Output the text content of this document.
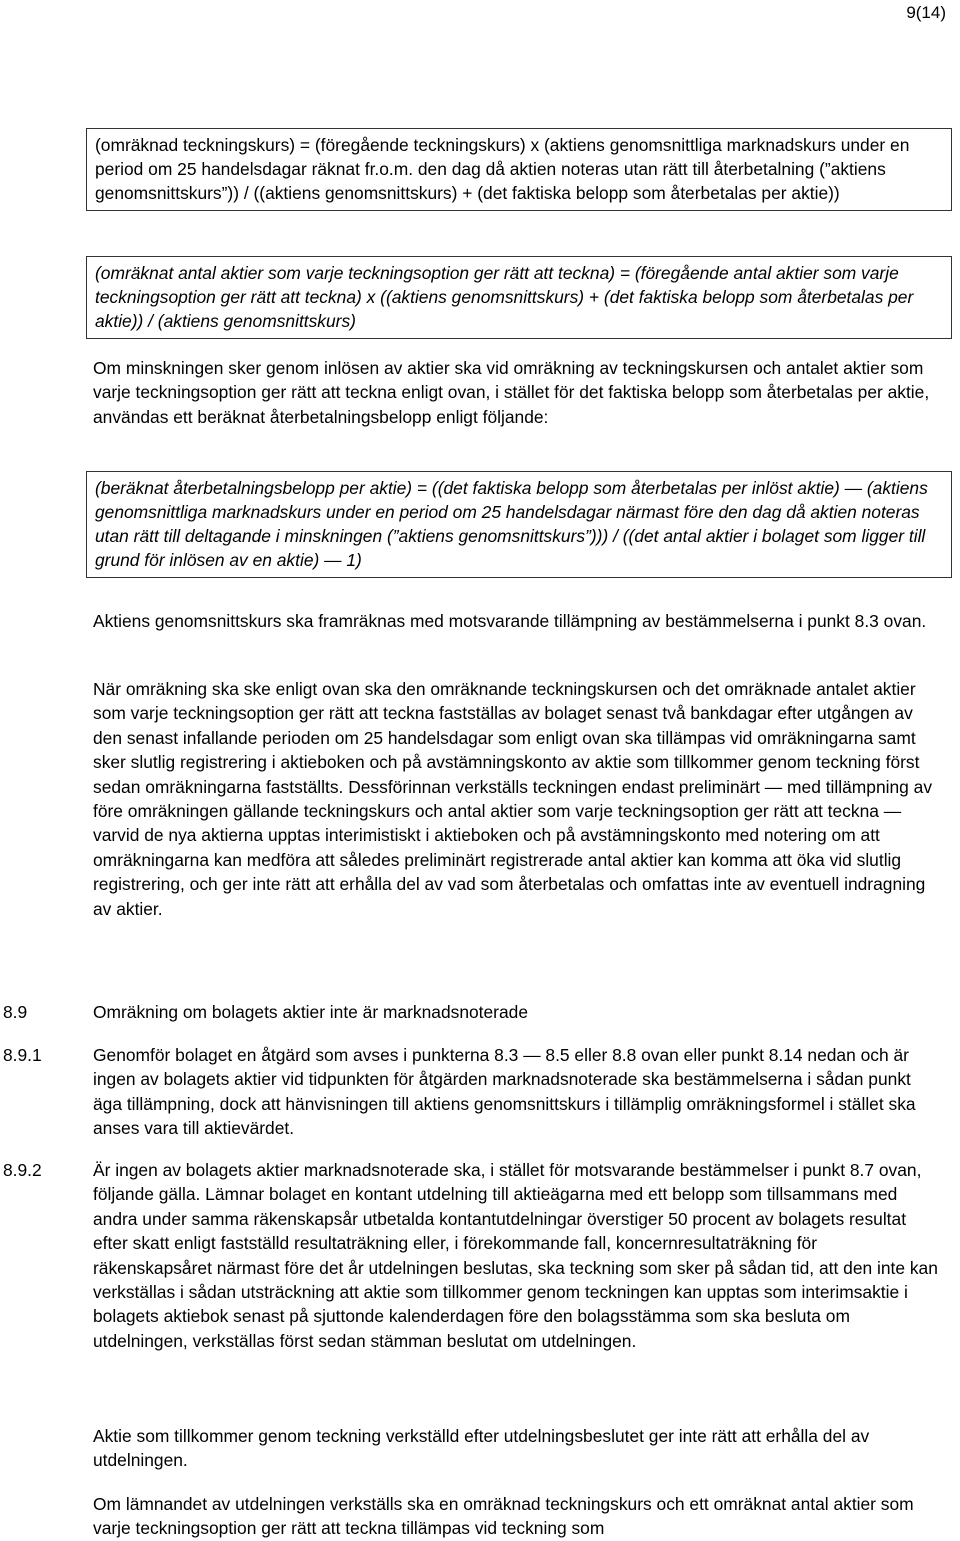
9(14)
(omräknad teckningskurs) = (föregående teckningskurs) x (aktiens genomsnittliga marknadskurs under en period om 25 handelsdagar räknat fr.o.m. den dag då aktien noteras utan rätt till återbetalning (”aktiens genomsnittskurs”)) / ((aktiens genomsnittskurs) + (det faktiska belopp som återbetalas per aktie))
(omräknat antal aktier som varje teckningsoption ger rätt att teckna) = (föregående antal aktier som varje teckningsoption ger rätt att teckna) x ((aktiens genomsnittskurs) + (det faktiska belopp som återbetalas per aktie)) / (aktiens genomsnittskurs)
Om minskningen sker genom inlösen av aktier ska vid omräkning av teckningskursen och antalet aktier som varje teckningsoption ger rätt att teckna enligt ovan, i stället för det faktiska belopp som återbetalas per aktie, användas ett beräknat återbetalningsbelopp enligt följande:
(beräknat återbetalningsbelopp per aktie) = ((det faktiska belopp som återbetalas per inlöst aktie) — (aktiens genomsnittliga marknadskurs under en period om 25 handelsdagar närmast före den dag då aktien noteras utan rätt till deltagande i minskningen (”aktiens genomsnittskurs”))) / ((det antal aktier i bolaget som ligger till grund för inlösen av en aktie) — 1)
Aktiens genomsnittskurs ska framräknas med motsvarande tillämpning av bestämmelserna i punkt 8.3 ovan.
När omräkning ska ske enligt ovan ska den omräknande teckningskursen och det omräknade antalet aktier som varje teckningsoption ger rätt att teckna fastställas av bolaget senast två bankdagar efter utgången av den senast infallande perioden om 25 handelsdagar som enligt ovan ska tillämpas vid omräkningarna samt sker slutlig registrering i aktieboken och på avstämningskonto av aktie som tillkommer genom teckning först sedan omräkningarna fastställts. Dessförinnan verkställs teckningen endast preliminärt — med tillämpning av före omräkningen gällande teckningskurs och antal aktier som varje teckningsoption ger rätt att teckna — varvid de nya aktierna upptas interimistiskt i aktieboken och på avstämningskonto med notering om att omräkningarna kan medföra att således preliminärt registrerade antal aktier kan komma att öka vid slutlig registrering, och ger inte rätt att erhålla del av vad som återbetalas och omfattas inte av eventuell indragning av aktier.
8.9	Omräkning om bolagets aktier inte är marknadsnoterade
8.9.1	Genomför bolaget en åtgärd som avses i punkterna 8.3 — 8.5 eller 8.8 ovan eller punkt 8.14 nedan och är ingen av bolagets aktier vid tidpunkten för åtgärden marknadsnoterade ska bestämmelserna i sådan punkt äga tillämpning, dock att hänvisningen till aktiens genomsnittskurs i tillämplig omräkningsformel i stället ska anses vara till aktievärdet.
8.9.2	Är ingen av bolagets aktier marknadsnoterade ska, i stället för motsvarande bestämmelser i punkt 8.7 ovan, följande gälla. Lämnar bolaget en kontant utdelning till aktieägarna med ett belopp som tillsammans med andra under samma räkenskapsår utbetalda kontantutdelningar överstiger 50 procent av bolagets resultat efter skatt enligt fastställd resultaträkning eller, i förekommande fall, koncernresultaträkning för räkenskapsåret närmast före det år utdelningen beslutas, ska teckning som sker på sådan tid, att den inte kan verkställas i sådan utsträckning att aktie som tillkommer genom teckningen kan upptas som interimsaktie i bolagets aktiebok senast på sjuttonde kalenderdagen före den bolagsstämma som ska besluta om utdelningen, verkställas först sedan stämman beslutat om utdelningen.
Aktie som tillkommer genom teckning verkställd efter utdelningsbeslutet ger inte rätt att erhålla del av utdelningen.
Om lämnandet av utdelningen verkställs ska en omräknad teckningskurs och ett omräknat antal aktier som varje teckningsoption ger rätt att teckna tillämpas vid teckning som
